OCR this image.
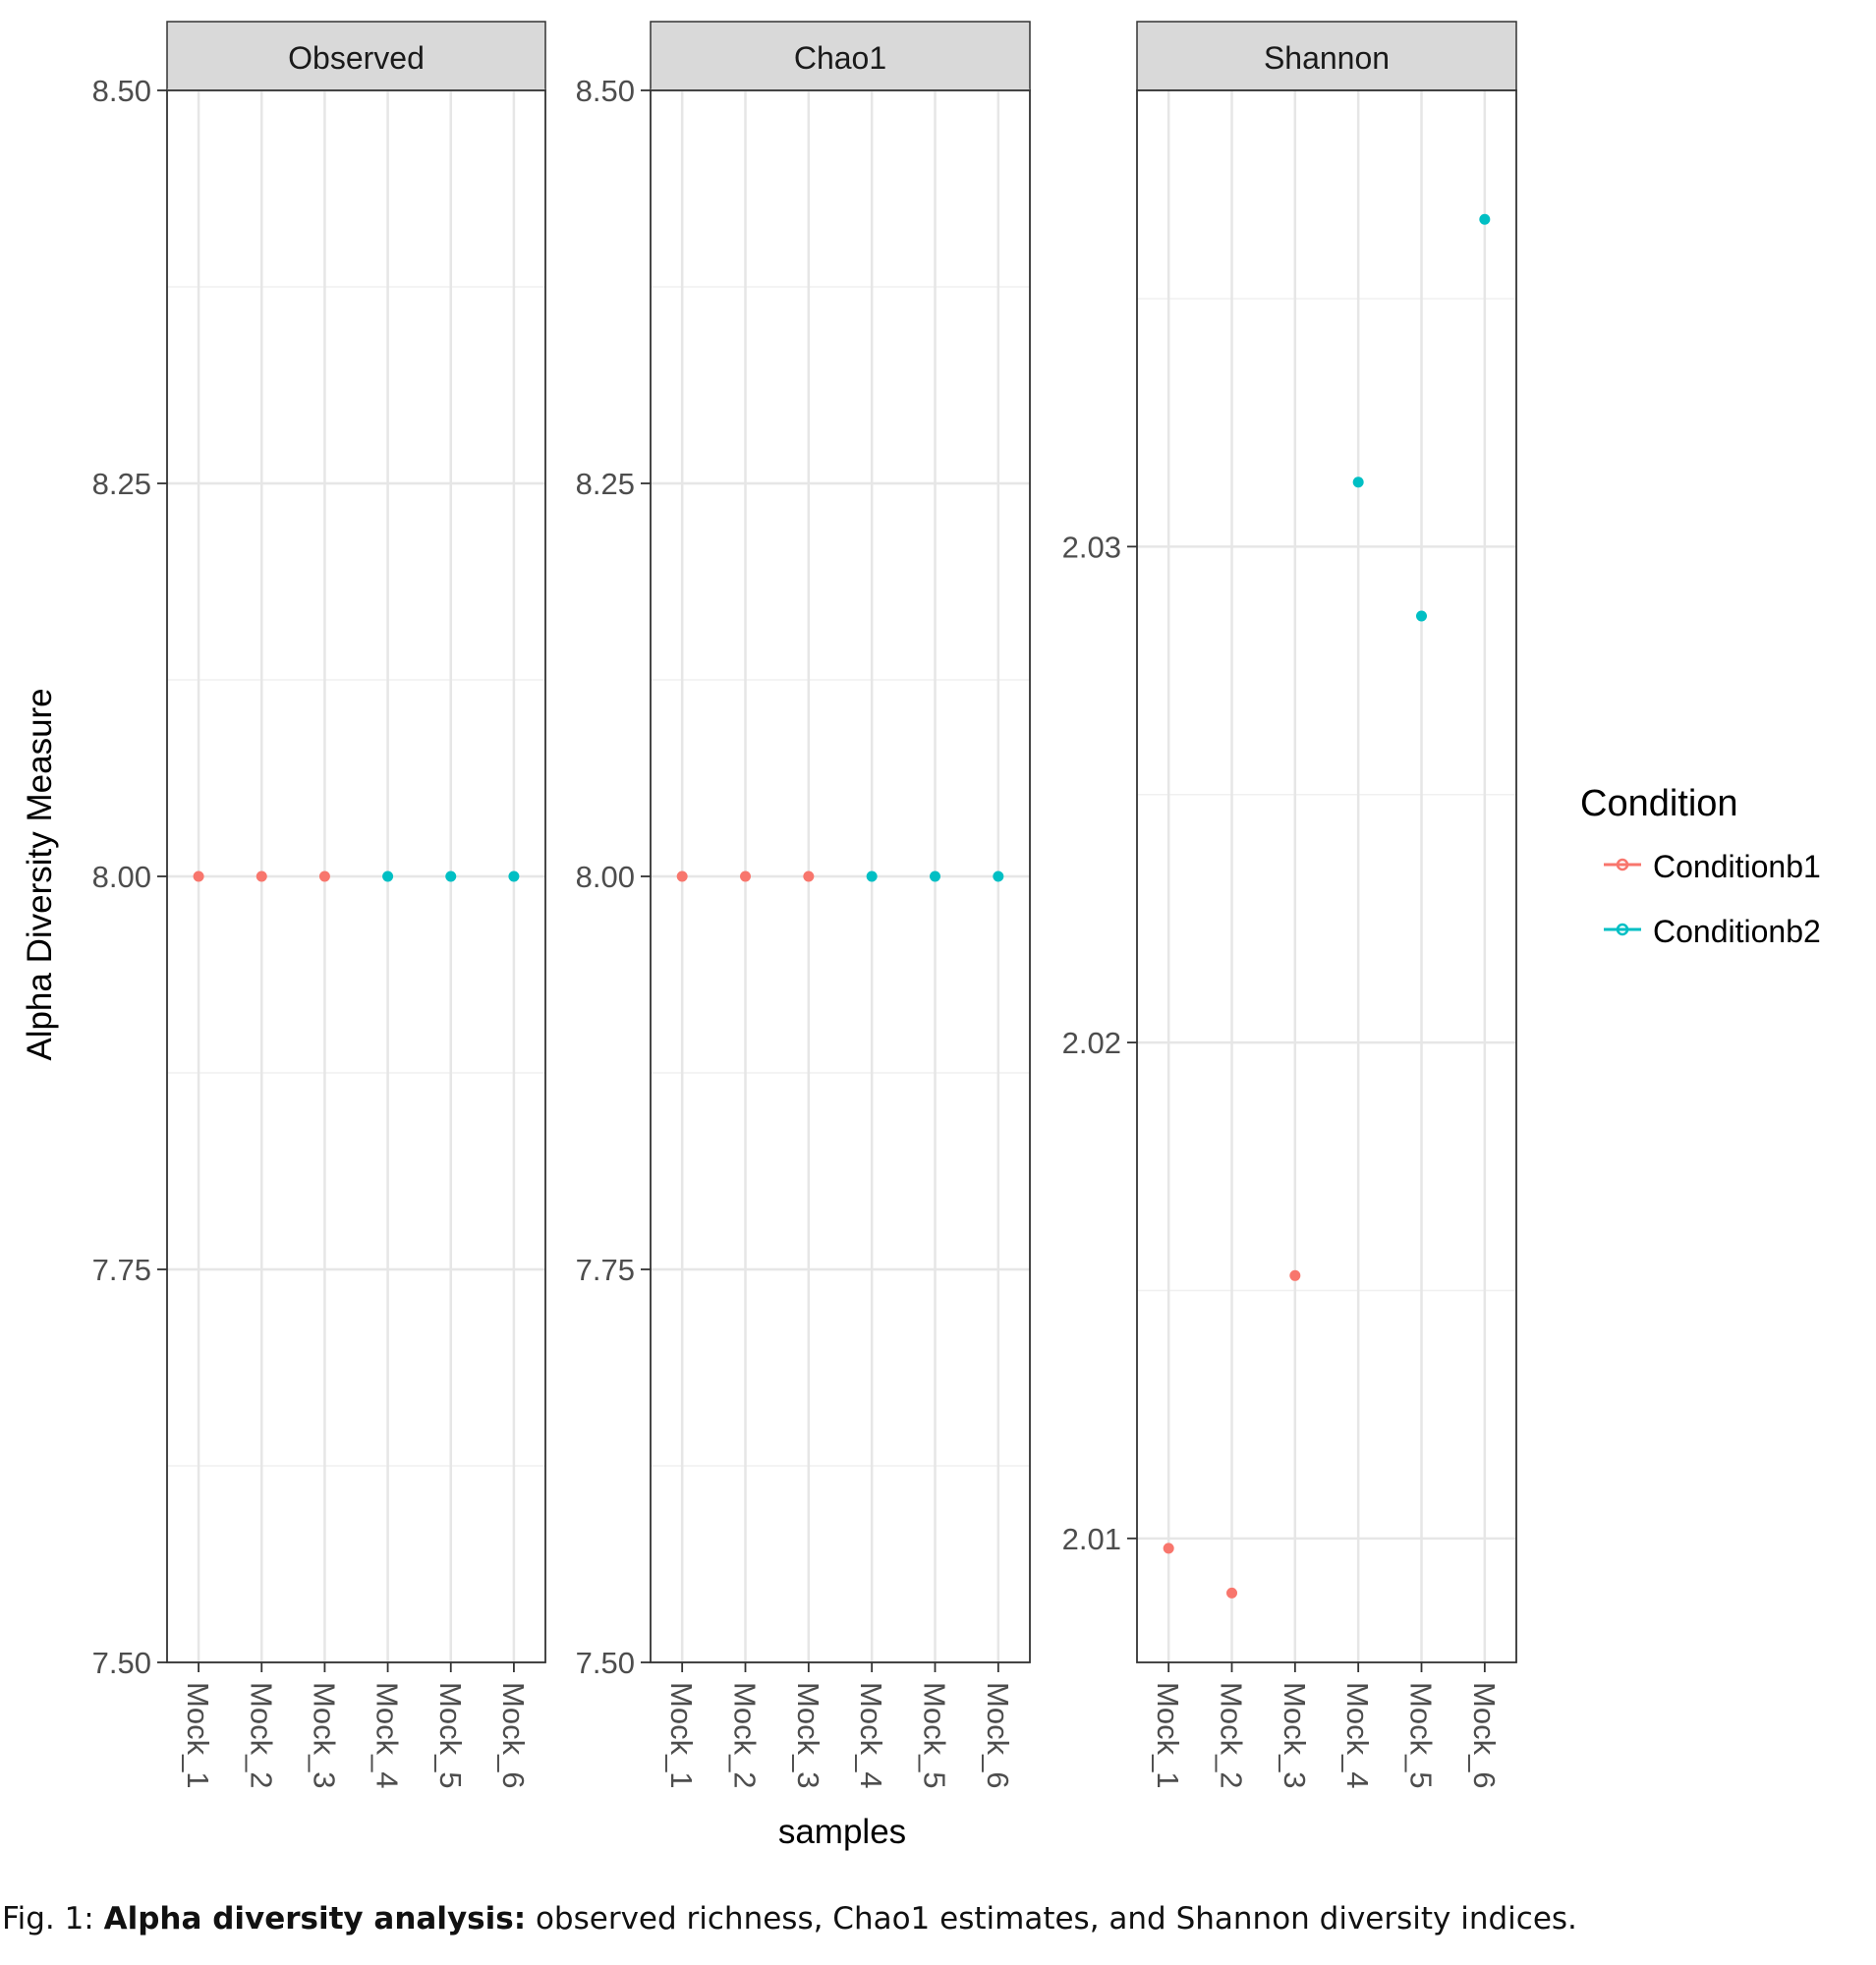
Observed
7.50
7.75
8.00
8.25
8.50
Mock_1 Mock_2 Mock_3 Mock_4 Mock_5 Mock_6
Chao1
7.50
7.75
8.00
8.25
8.50
Mock_1 Mock_2 Mock_3 Mock_4 Mock_5 Mock_6
Shannon
2.01
2.02
2.03
Mock_1 Mock_2 Mock_3 Mock_4 Mock_5 Mock_6
Alpha Diversity Measure
samples
Condition
Conditionb1
Conditionb2
Fig. 1: Alpha diversity analysis: observed richness, Chao1 estimates, and Shannon diversity indices.
